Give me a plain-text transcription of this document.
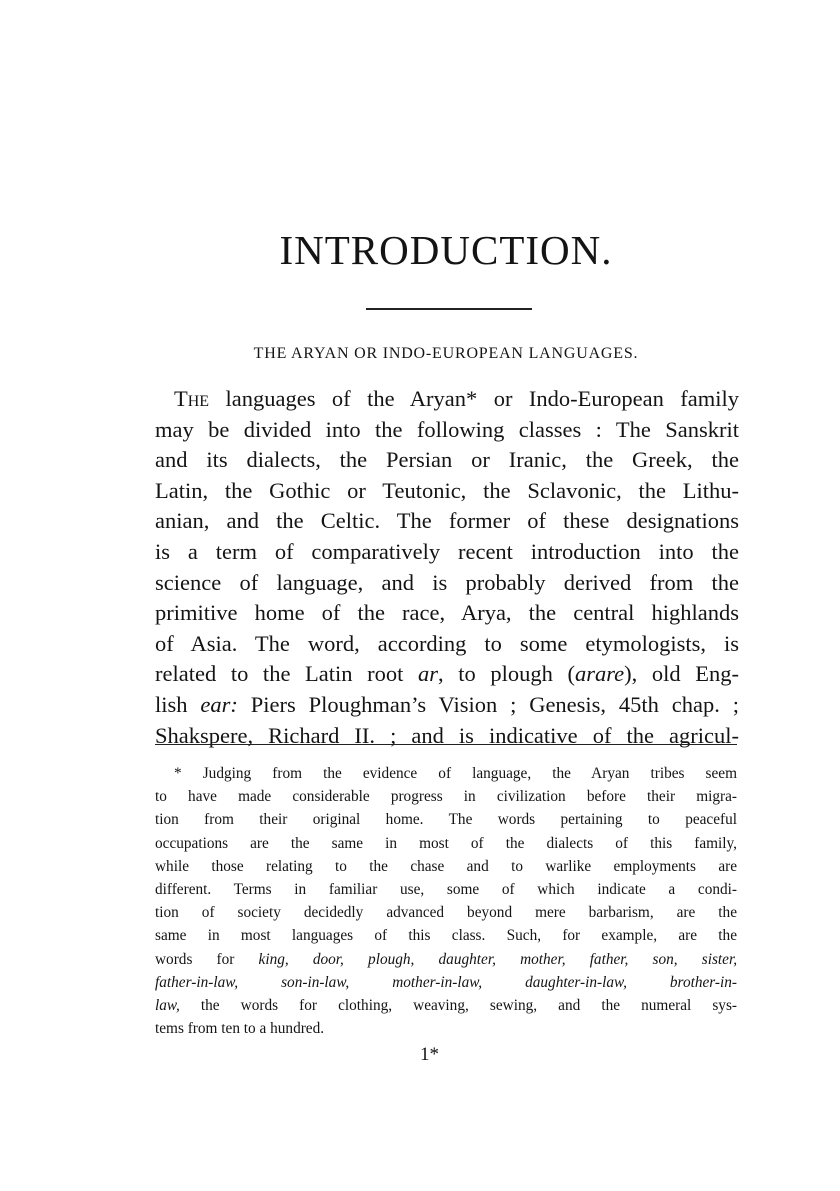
INTRODUCTION.
THE ARYAN OR INDO-EUROPEAN LANGUAGES.
The languages of the Aryan* or Indo-European family
may be divided into the following classes : The Sanskrit
and its dialects, the Persian or Iranic, the Greek, the
Latin, the Gothic or Teutonic, the Sclavonic, the Lithu-
anian, and the Celtic. The former of these designations
is a term of comparatively recent introduction into the
science of language, and is probably derived from the
primitive home of the race, Arya, the central highlands
of Asia. The word, according to some etymologists, is
related to the Latin root ar, to plough (arare), old Eng-
lish ear: Piers Ploughman’s Vision ; Genesis, 45th chap. ;
Shakspere, Richard II. ; and is indicative of the agricul-
* Judging from the evidence of language, the Aryan tribes seem
to have made considerable progress in civilization before their migra-
tion from their original home. The words pertaining to peaceful
occupations are the same in most of the dialects of this family,
while those relating to the chase and to warlike employments are
different. Terms in familiar use, some of which indicate a condi-
tion of society decidedly advanced beyond mere barbarism, are the
same in most languages of this class. Such, for example, are the
words for king, door, plough, daughter, mother, father, son, sister,
father-in-law,	son-in-law,	mother-in-law,	daughter-in-law,	brother-in-
law, the words for clothing, weaving, sewing, and the numeral sys-
tems from ten to a hundred.
1*
